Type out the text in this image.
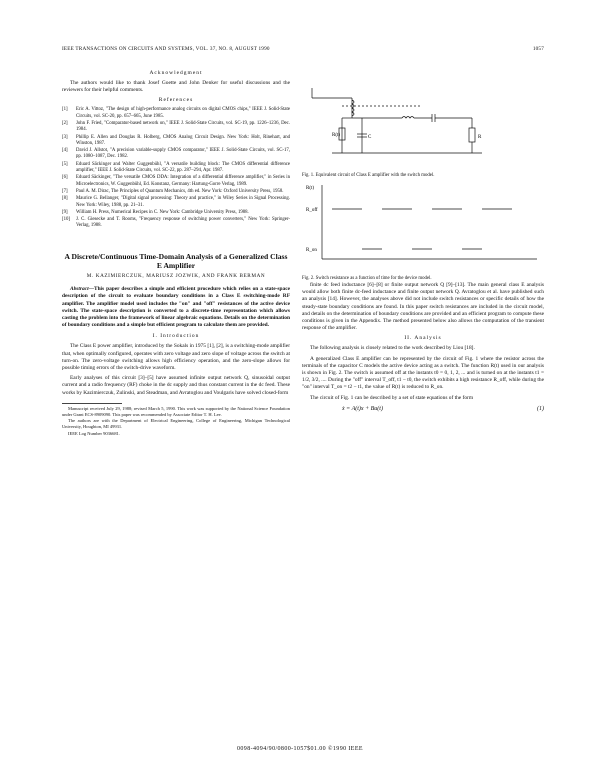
IEEE TRANSACTIONS ON CIRCUITS AND SYSTEMS, VOL. 37, NO. 8, AUGUST 1990	1057
Acknowledgment

The authors would like to thank Josef Goette and John Denker for useful discussions and the reviewers for their helpful comments.

References
[1] Eric A. Vittoz, "The design of high-performance analog circuits on digital CMOS chips," IEEE J. Solid-State Circuits, vol. SC-20, pp. 657–665, June 1985.
[2] John F. Fried, "Comparator-based network on," IEEE J. Solid-State Circuits, vol. SC-19, pp. 1226–1236, Dec. 1984.
[3] Phillip E. Allen and Douglas R. Holberg, CMOS Analog Circuit Design. New York: Holt, Rinehart, and Winston, 1987.
[4] David J. Allstot, "A precision variable-supply CMOS comparator," IEEE J. Solid-State Circuits, vol. SC-17, pp. 1080–1087, Dec. 1982.
[5] Eduard Säckinger and Walter Guggenbühl, "A versatile building block: The CMOS differential difference amplifier," IEEE J. Solid-State Circuits, vol. SC-22, pp. 287–294, Apr. 1987.
[6] Eduard Säckinger, "The versatile CMOS DDA: Integration of a differential difference amplifier," in Series in Microelectronics, W. Guggenbühl, Ed. Konstanz, Germany: Hartung-Gorre Verlag, 1989.
[7] Paul A. M. Dirac, The Principles of Quantum Mechanics, 4th ed. New York: Oxford University Press, 1958.
[8] Maurice G. Bellanger, "Digital signal processing: Theory and practice," in Wiley Series in Signal Processing. New York: Wiley, 1988, pp. 21–31.
[9] William H. Press, Numerical Recipes in C. New York: Cambridge University Press, 1988.
[10] J. C. Giesecke and T. Rooms, "Frequency response of switching power converters," New York: Springer-Verlag, 1988.
A Discrete/Continuous Time-Domain Analysis of a Generalized Class E Amplifier
M. KAZIMIERCZUK, MARIUSZ JOZWIK, AND FRANK BERMAN

Abstract—This paper describes a simple and efficient procedure which relies on a state-space description of the circuit to evaluate boundary conditions in a Class E switching-mode RF amplifier. The amplifier model used includes the "on" and "off" resistances of the active device switch. The state-space description is converted to a discrete-time representation which allows casting the problem into the framework of linear algebraic equations. Details on the determination of boundary conditions and a simple but efficient program to calculate them are provided.

I. Introduction

The Class E power amplifier, introduced by the Sokals in 1975 [1], [2], is a switching-mode amplifier that, when optimally configured, operates with zero voltage and zero slope of voltage across the switch at turn-on. The zero-voltage switching allows high efficiency operation, and the zero-slope allows for possible timing errors of the switch-drive waveform.

Early analyses of this circuit [3]–[5] have assumed infinite output network Q, sinusoidal output current and a radio frequency (RF) choke in the dc supply and thus constant current in the dc feed. These works by Kazimierczuk, Zulinski, and Steadman, and Avratoglou and Voulgaris have solved closed-form

Manuscript received July 29, 1988; revised March 5, 1990. This work was supported by the National Science Foundation under Grant ECS-8909090. This paper was recommended by Associate Editor T. H. Lee.

The authors are with the Department of Electrical Engineering, College of Engineering, Michigan Technological University, Houghton, MI 49931.

IEEE Log Number 9036681.

R(t)	C	R

Fig. 1. Equivalent circuit of Class E amplifier with the switch model.

R(t)
R_off
R_on

Fig. 2. Switch resistance as a function of time for the device model.

finite dc feed inductance [6]–[8] or finite output network Q [9]–[13]. The main general class E analysis would allow both finite dc-feed inductance and finite output network Q. Avratoglou et al. have published such an analysis [14]. However, the analyses above did not include switch resistances or specific details of how the steady-state boundary conditions are found. In this paper switch resistances are included in the circuit model, and details on the determination of boundary conditions are provided and an efficient program to compute these conditions is given in the Appendix. The method presented below also allows the computation of the transient response of the amplifier.

II. Analysis

The following analysis is closely related to the work described by Liou [18].

A generalized Class E amplifier can be represented by the circuit of Fig. 1 where the resistor across the terminals of the capacitor C models the active device acting as a switch. The function R(t) used in our analysis is shown in Fig. 2. The switch is assumed off at the instants t0 = 0, 1, 2, ... and is turned on at the instants t1 = 1/2, 3/2, .... During the "off" interval T_off, t1 − t0, the switch exhibits a high resistance R_off, while during the "on" interval T_on = t2 − t1, the value of R(t) is reduced to R_on.

The circuit of Fig. 1 can be described by a set of state equations of the form

ẋ = A(t)x + Bu(t)	(1)
0098-4094/90/0800-1057$01.00 ©1990 IEEE
